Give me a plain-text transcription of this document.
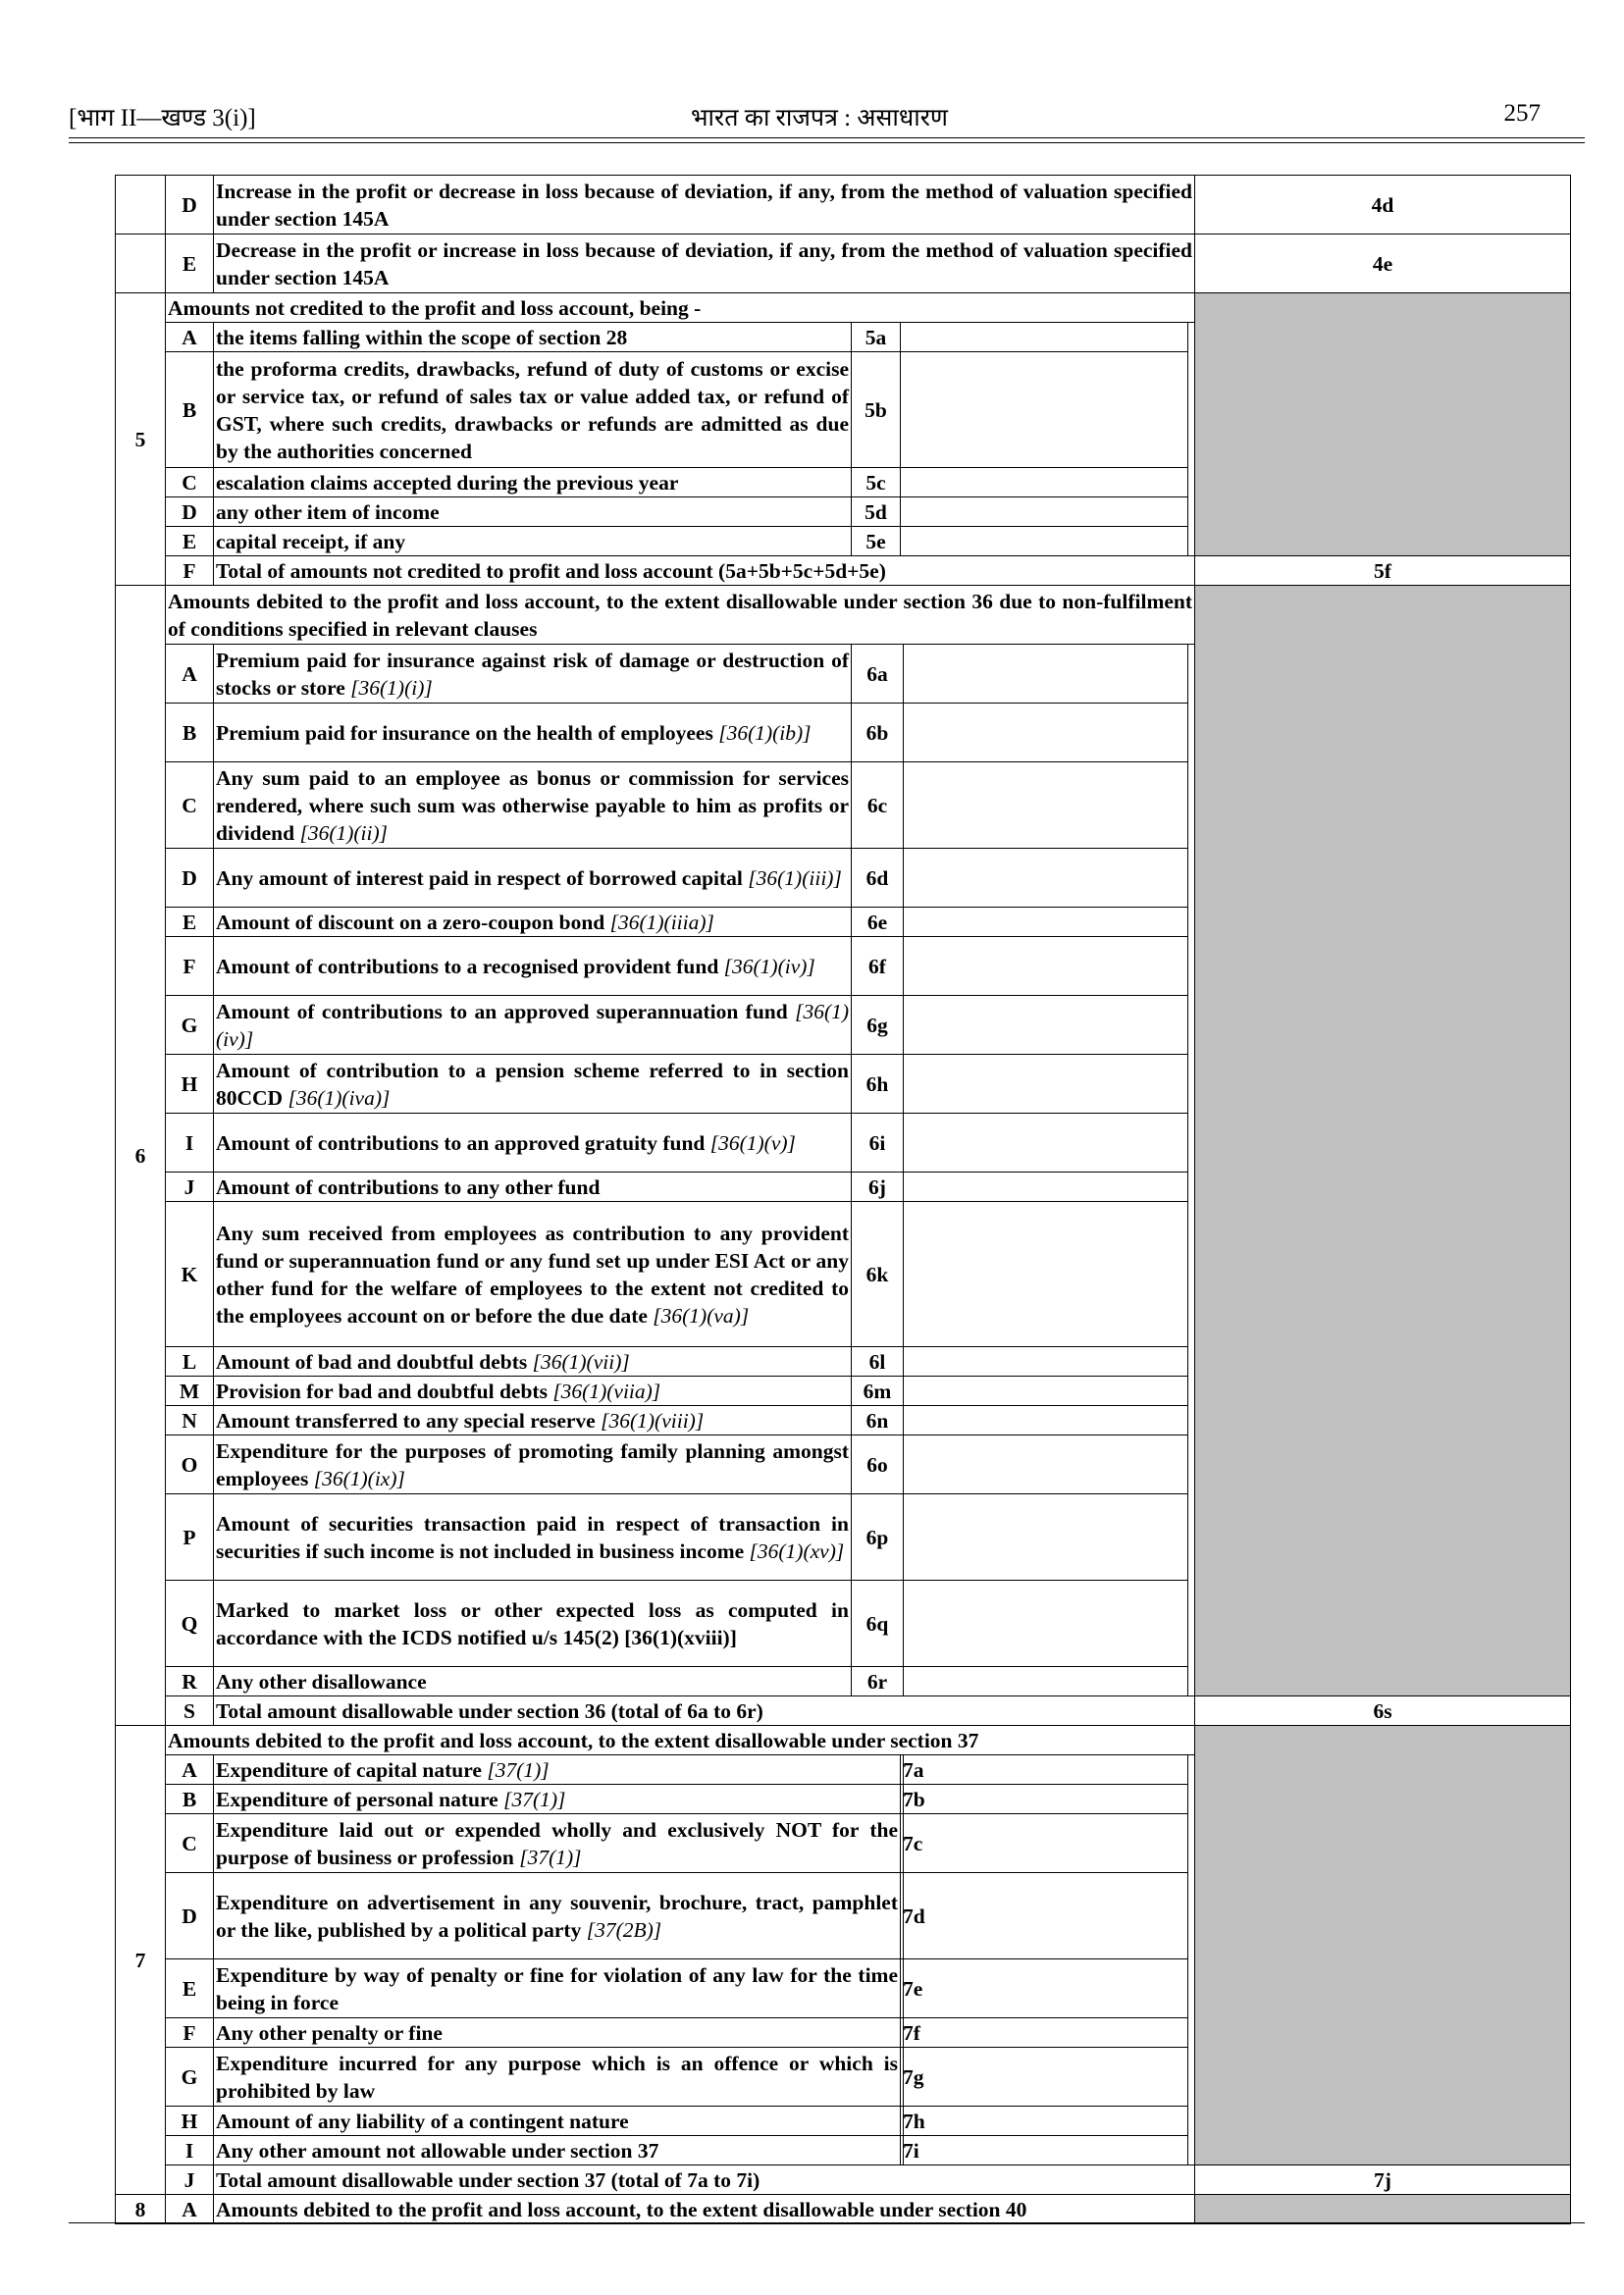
[भाग II—खण्ड 3(i)]	भारत का राजपत्र : असाधारण	257
	D	Increase in the profit or decrease in loss because of deviation, if any, from the method of valuation specified under section 145A				4d	
	E	Decrease in the profit or increase in loss because of deviation, if any, from the method of valuation specified under section 145A				4e	
5	Amounts not credited to the profit and loss account, being -						
	A	the items falling within the scope of section 28	5a				
	B	the proforma credits, drawbacks, refund of duty of customs or excise or service tax, or refund of sales tax or value added tax, or refund of GST, where such credits, drawbacks or refunds are admitted as due by the authorities concerned	5b				
	C	escalation claims accepted during the previous year	5c				
	D	any other item of income	5d				
	E	capital receipt, if any	5e				
	F	Total of amounts not credited to profit and loss account (5a+5b+5c+5d+5e)				5f	
6	Amounts debited to the profit and loss account, to the extent disallowable under section 36 due to non-fulfilment of conditions specified in relevant clauses						
	A	Premium paid for insurance against risk of damage or destruction of stocks or store [36(1)(i)]	6a				
	B	Premium paid for insurance on the health of employees [36(1)(ib)]	6b				
	C	Any sum paid to an employee as bonus or commission for services rendered, where such sum was otherwise payable to him as profits or dividend [36(1)(ii)]	6c				
	D	Any amount of interest paid in respect of borrowed capital [36(1)(iii)]	6d				
	E	Amount of discount on a zero-coupon bond [36(1)(iiia)]	6e				
	F	Amount of contributions to a recognised provident fund [36(1)(iv)]	6f				
	G	Amount of contributions to an approved superannuation fund [36(1)(iv)]	6g				
	H	Amount of contribution to a pension scheme referred to in section 80CCD [36(1)(iva)]	6h				
	I	Amount of contributions to an approved gratuity fund [36(1)(v)]	6i				
	J	Amount of contributions to any other fund	6j				
	K	Any sum received from employees as contribution to any provident fund or superannuation fund or any fund set up under ESI Act or any other fund for the welfare of employees to the extent not credited to the employees account on or before the due date [36(1)(va)]	6k				
	L	Amount of bad and doubtful debts [36(1)(vii)]	6l				
	M	Provision for bad and doubtful debts [36(1)(viia)]	6m				
	N	Amount transferred to any special reserve [36(1)(viii)]	6n				
	O	Expenditure for the purposes of promoting family planning amongst employees [36(1)(ix)]	6o				
	P	Amount of securities transaction paid in respect of transaction in securities if such income is not included in business income [36(1)(xv)]	6p				
	Q	Marked to market loss or other expected loss as computed in accordance with the ICDS notified u/s 145(2) [36(1)(xviii)]	6q				
	R	Any other disallowance	6r				
	S	Total amount disallowable under section 36 (total of 6a to 6r)				6s	
7	Amounts debited to the profit and loss account, to the extent disallowable under section 37						
	A	Expenditure of capital nature [37(1)]		7a			
	B	Expenditure of personal nature [37(1)]		7b			
	C	Expenditure laid out or expended wholly and exclusively NOT for the purpose of business or profession [37(1)]		7c			
	D	Expenditure on advertisement in any souvenir, brochure, tract, pamphlet or the like, published by a political party [37(2B)]		7d			
	E	Expenditure by way of penalty or fine for violation of any law for the time being in force		7e			
	F	Any other penalty or fine		7f			
	G	Expenditure incurred for any purpose which is an offence or which is prohibited by law		7g			
	H	Amount of any liability of a contingent nature		7h			
	I	Any other amount not allowable under section 37		7i			
	J	Total amount disallowable under section 37 (total of 7a to 7i)				7j	
8	A	Amounts debited to the profit and loss account, to the extent disallowable under section 40					
